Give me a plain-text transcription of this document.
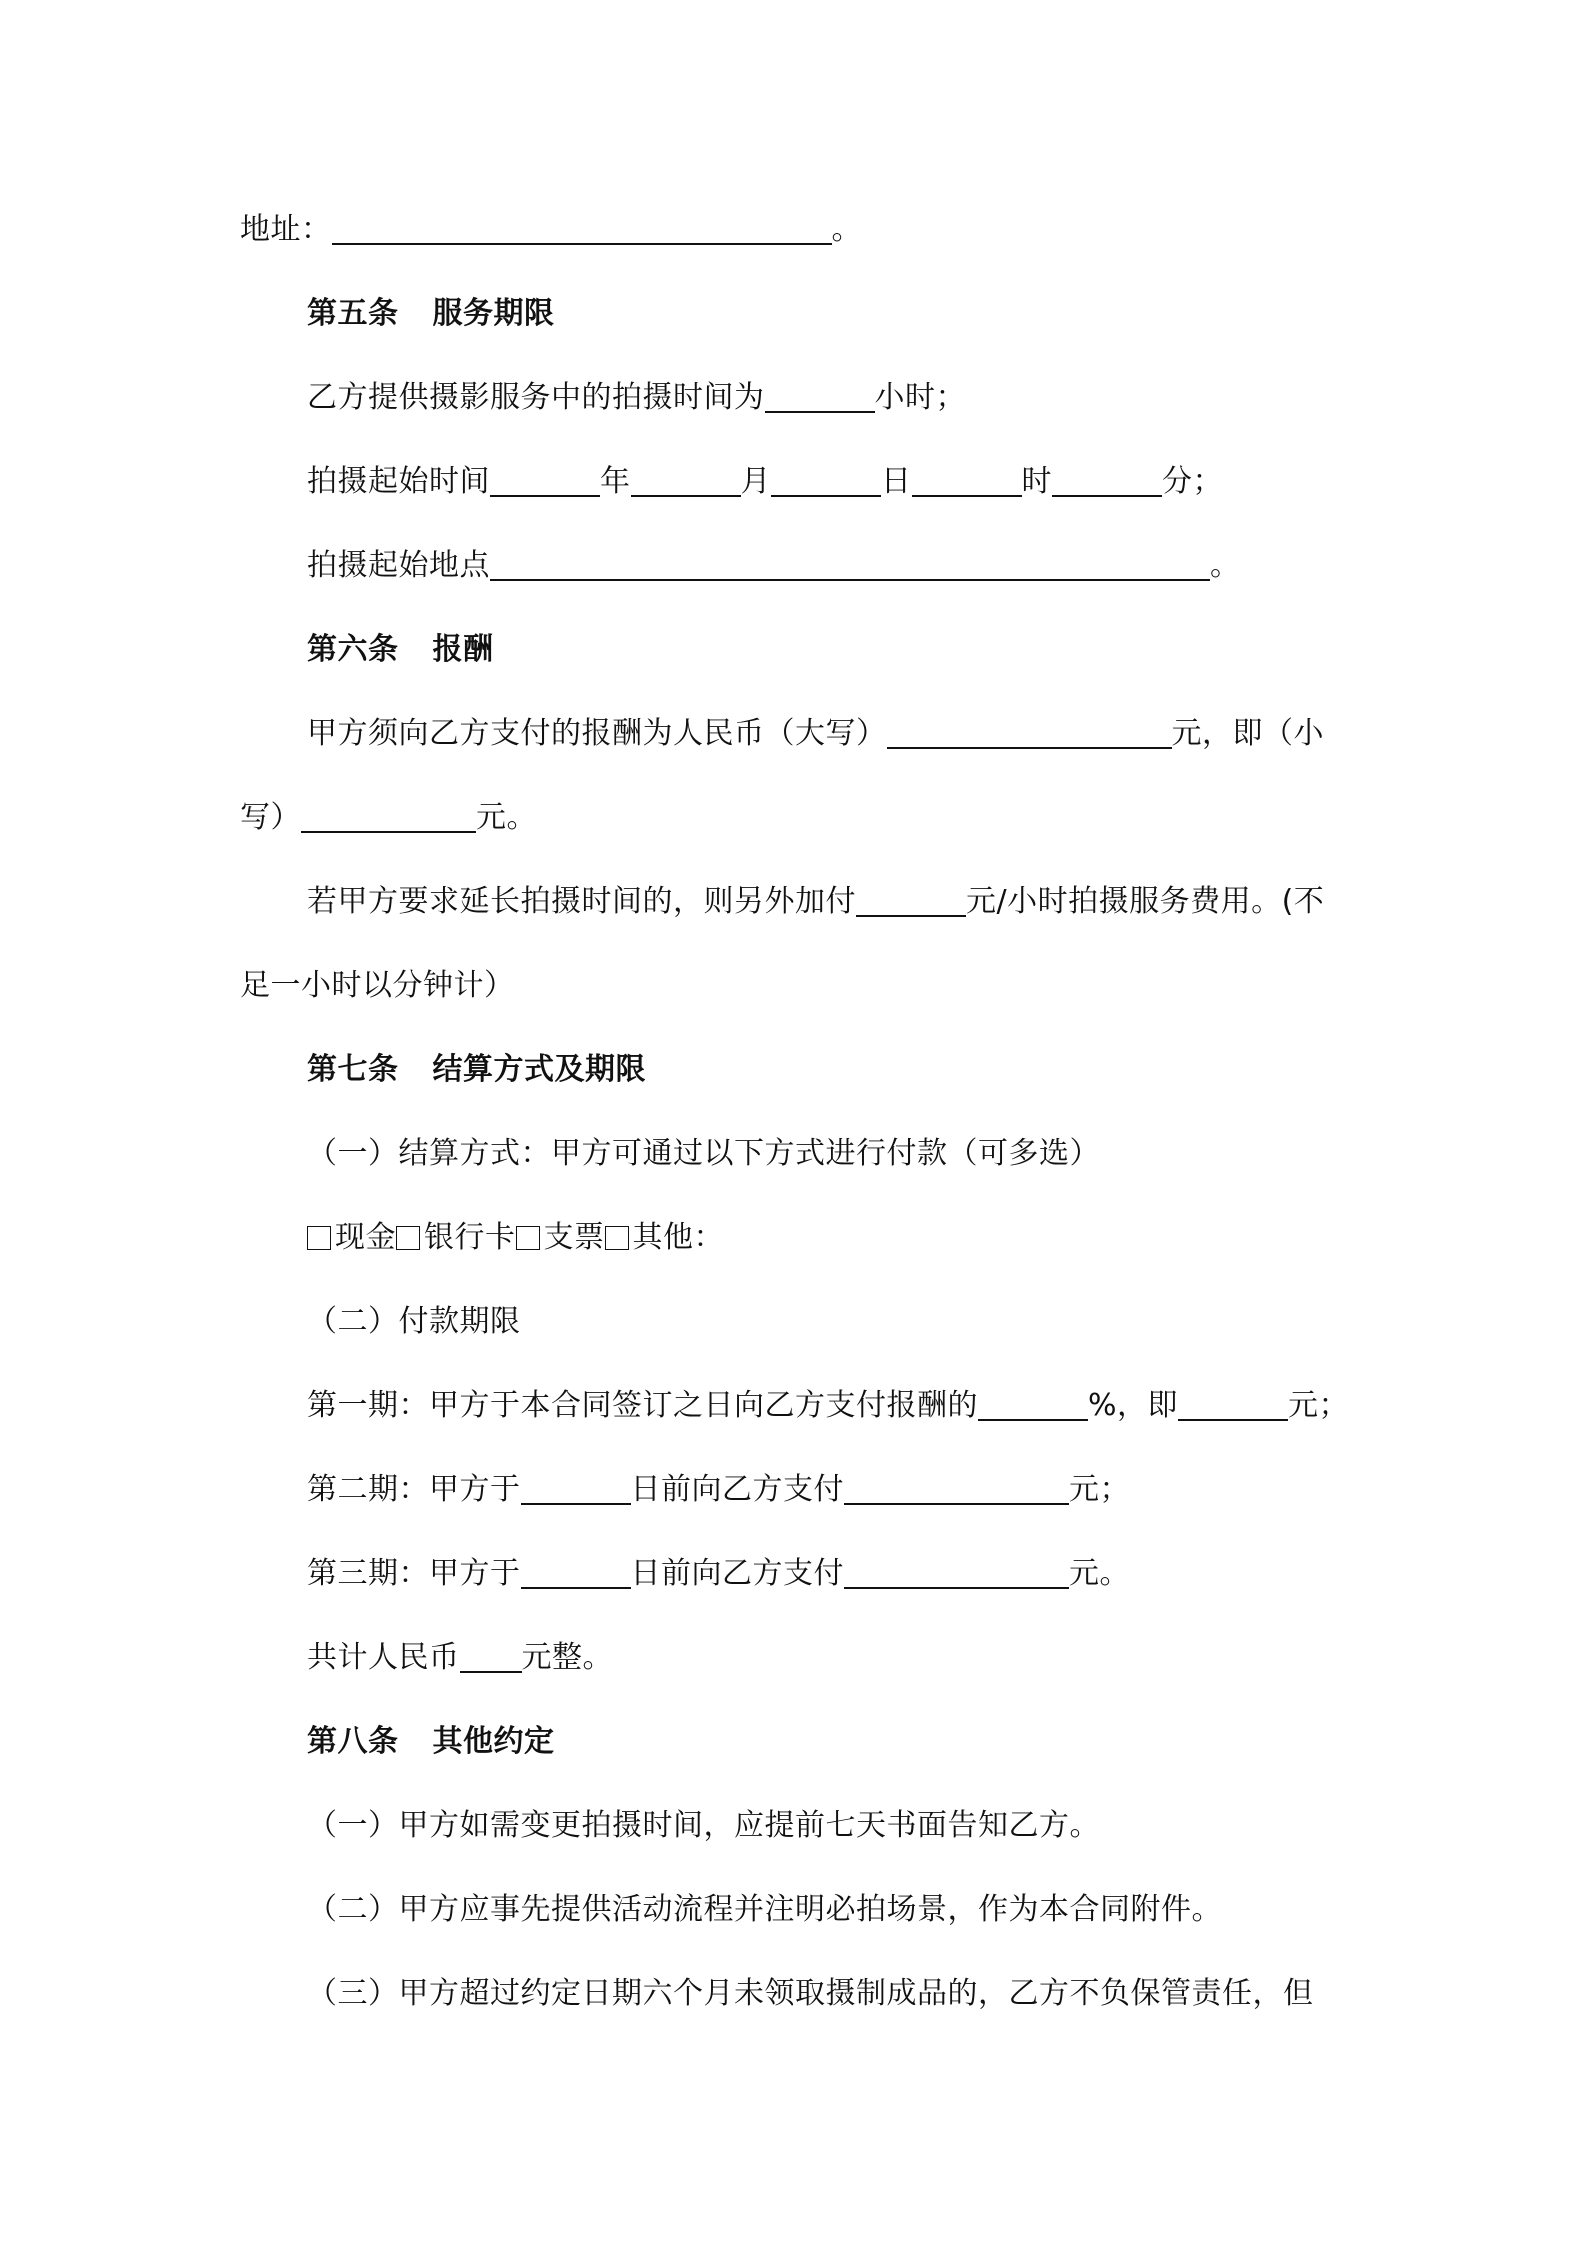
地址：	。
第五条 服务期限
乙方提供摄影服务中的拍摄时间为	小时；
拍摄起始时间	年	月	日	时	分；
拍摄起始地点	。
第六条 报酬
甲方须向乙方支付的报酬为人民币（大写）	元，即（小
写）	元。
若甲方要求延长拍摄时间的，则另外加付	元/小时拍摄服务费用。(不
足一小时以分钟计）
第七条 结算方式及期限
（一）结算方式：甲方可通过以下方式进行付款（可多选）
现金 银行卡 支票 其他：
（二）付款期限
第一期：甲方于本合同签订之日向乙方支付报酬的	%，即	元；
第二期：甲方于	日前向乙方支付	元；
第三期：甲方于	日前向乙方支付	元。
共计人民币 元整。
第八条 其他约定
（一）甲方如需变更拍摄时间，应提前七天书面告知乙方。
（二）甲方应事先提供活动流程并注明必拍场景，作为本合同附件。
（三）甲方超过约定日期六个月未领取摄制成品的，乙方不负保管责任，但
